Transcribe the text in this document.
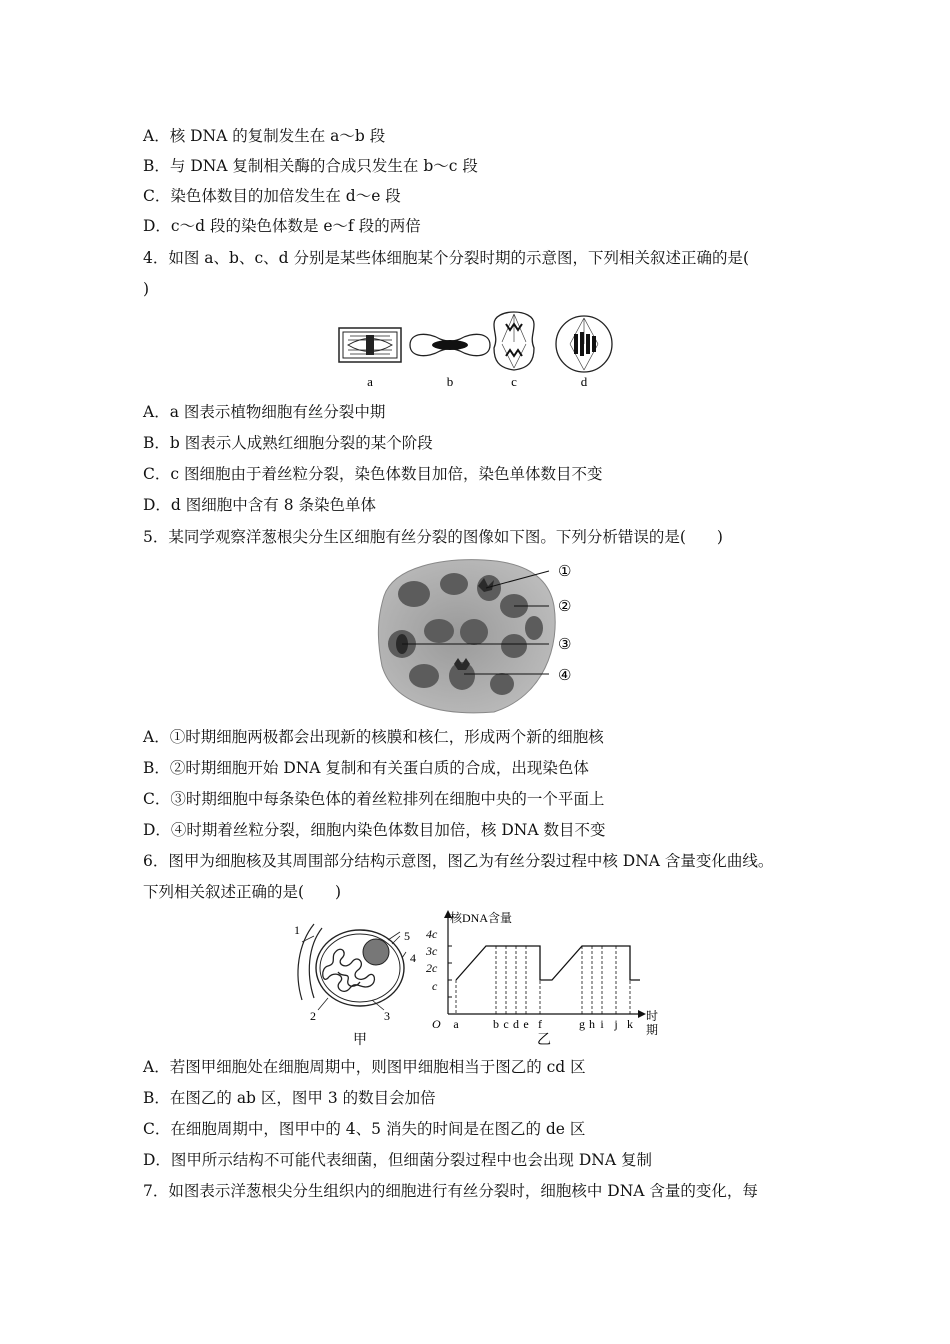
A．核 DNA 的复制发生在 a～b 段
B．与 DNA 复制相关酶的合成只发生在 b～c 段
C．染色体数目的加倍发生在 d～e 段
D．c～d 段的染色体数是 e～f 段的两倍
4．如图 a、b、c、d 分别是某些体细胞某个分裂时期的示意图，下列相关叙述正确的是(
)
a	b	c	d
A．a 图表示植物细胞有丝分裂中期
B．b 图表示人成熟红细胞分裂的某个阶段
C．c 图细胞由于着丝粒分裂，染色体数目加倍，染色单体数目不变
D．d 图细胞中含有 8 条染色单体
5．某同学观察洋葱根尖分生区细胞有丝分裂的图像如下图。下列分析错误的是(　　)
①
②
③
④
A．①时期细胞两极都会出现新的核膜和核仁，形成两个新的细胞核
B．②时期细胞开始 DNA 复制和有关蛋白质的合成，出现染色体
C．③时期细胞中每条染色体的着丝粒排列在细胞中央的一个平面上
D．④时期着丝粒分裂，细胞内染色体数目加倍，核 DNA 数目不变
6．图甲为细胞核及其周围部分结构示意图，图乙为有丝分裂过程中核 DNA 含量变化曲线。
下列相关叙述正确的是(　　)
1
2	3
4
5
甲
核DNA含量
4c
3c
2c
c
O a	b c d e f	g h i j k
时
期
乙
A．若图甲细胞处在细胞周期中，则图甲细胞相当于图乙的 cd 区
B．在图乙的 ab 区，图甲 3 的数目会加倍
C．在细胞周期中，图甲中的 4、5 消失的时间是在图乙的 de 区
D．图甲所示结构不可能代表细菌，但细菌分裂过程中也会出现 DNA 复制
7．如图表示洋葱根尖分生组织内的细胞进行有丝分裂时，细胞核中 DNA 含量的变化，每
